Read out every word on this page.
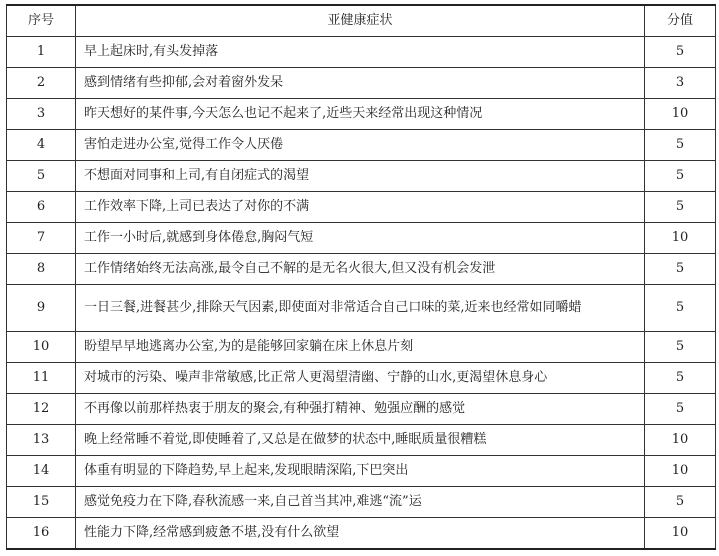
序号	亚健康症状	分值
1	早上起床时,有头发掉落	5
2	感到情绪有些抑郁,会对着窗外发呆	3
3	昨天想好的某件事,今天怎么也记不起来了,近些天来经常出现这种情况	10
4	害怕走进办公室,觉得工作令人厌倦	5
5	不想面对同事和上司,有自闭症式的渴望	5
6	工作效率下降,上司已表达了对你的不满	5
7	工作一小时后,就感到身体倦怠,胸闷气短	10
8	工作情绪始终无法高涨,最令自己不解的是无名火很大,但又没有机会发泄	5
9	一日三餐,进餐甚少,排除天气因素,即使面对非常适合自己口味的菜,近来也经常如同嚼蜡	5
10	盼望早早地逃离办公室,为的是能够回家躺在床上休息片刻	5
11	对城市的污染、噪声非常敏感,比正常人更渴望清幽、宁静的山水,更渴望休息身心	5
12	不再像以前那样热衷于朋友的聚会,有种强打精神、勉强应酬的感觉	5
13	晚上经常睡不着觉,即使睡着了,又总是在做梦的状态中,睡眠质量很糟糕	10
14	体重有明显的下降趋势,早上起来,发现眼睛深陷,下巴突出	10
15	感觉免疫力在下降,春秋流感一来,自己首当其冲,难逃“流”运	5
16	性能力下降,经常感到疲惫不堪,没有什么欲望	10
